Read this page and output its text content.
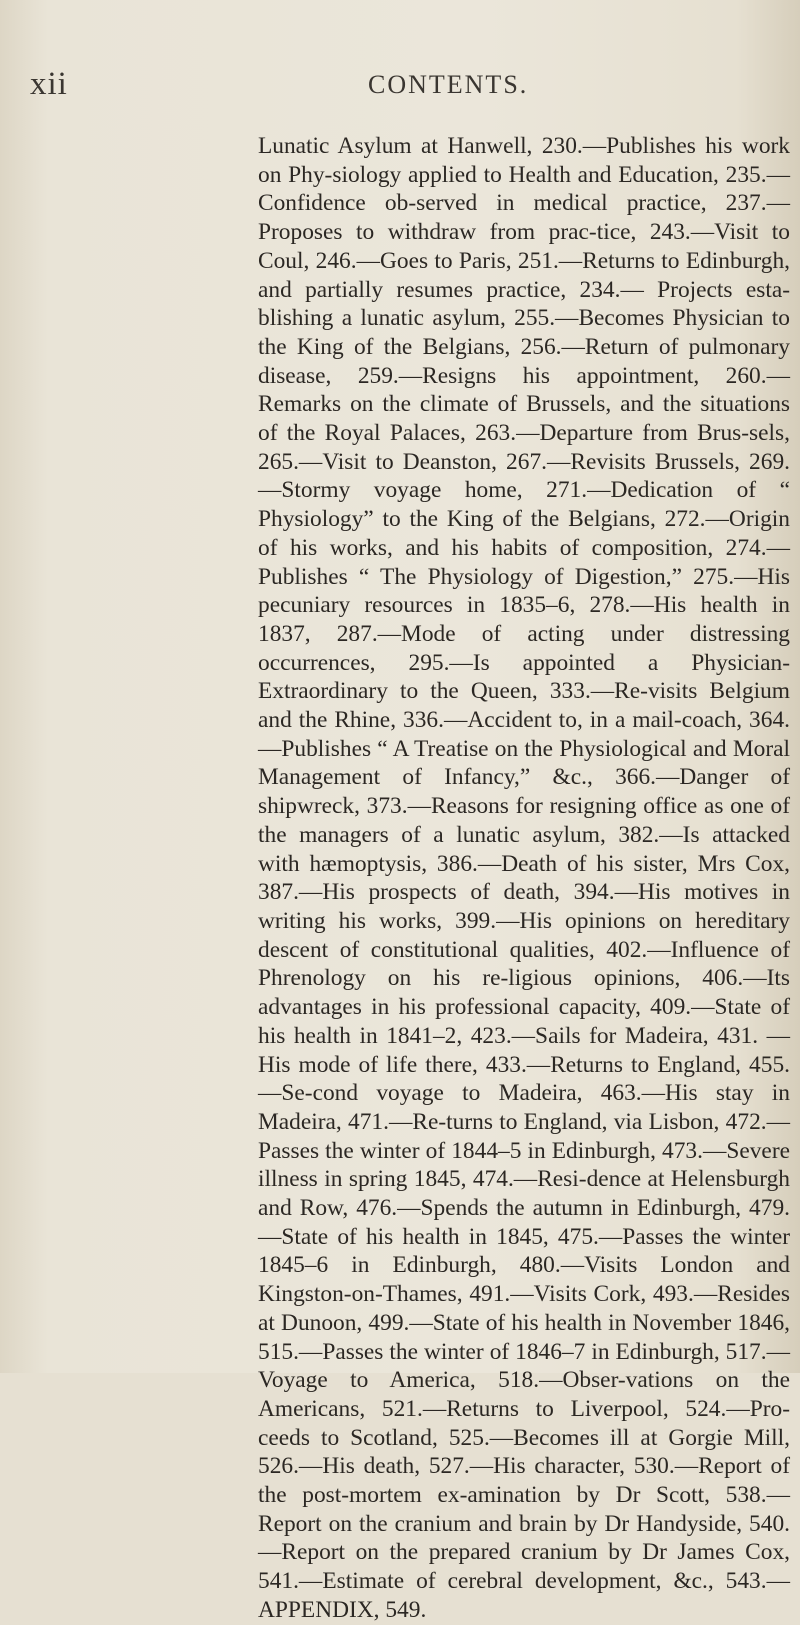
xii	CONTENTS.

Lunatic Asylum at Hanwell, 230.—Publishes his work on Phy-siology applied to Health and Education, 235.—Confidence ob-served in medical practice, 237.—Proposes to withdraw from prac-tice, 243.—Visit to Coul, 246.—Goes to Paris, 251.—Returns to Edinburgh, and partially resumes practice, 234.— Projects esta-blishing a lunatic asylum, 255.—Becomes Physician to the King of the Belgians, 256.—Return of pulmonary disease, 259.—Resigns his appointment, 260.—Remarks on the climate of Brussels, and the situations of the Royal Palaces, 263.—Departure from Brus-sels, 265.—Visit to Deanston, 267.—Revisits Brussels, 269.—Stormy voyage home, 271.—Dedication of “ Physiology” to the King of the Belgians, 272.—Origin of his works, and his habits of composition, 274.—Publishes “ The Physiology of Digestion,” 275.—His pecuniary resources in 1835–6, 278.—His health in 1837, 287.—Mode of acting under distressing occurrences, 295.—Is appointed a Physician-Extraordinary to the Queen, 333.—Re-visits Belgium and the Rhine, 336.—Accident to, in a mail-coach, 364.—Publishes “ A Treatise on the Physiological and Moral Management of Infancy,” &c., 366.—Danger of shipwreck, 373.—Reasons for resigning office as one of the managers of a lunatic asylum, 382.—Is attacked with hæmoptysis, 386.—Death of his sister, Mrs Cox, 387.—His prospects of death, 394.—His motives in writing his works, 399.—His opinions on hereditary descent of constitutional qualities, 402.—Influence of Phrenology on his re-ligious opinions, 406.—Its advantages in his professional capacity, 409.—State of his health in 1841–2, 423.—Sails for Madeira, 431. —His mode of life there, 433.—Returns to England, 455.—Se-cond voyage to Madeira, 463.—His stay in Madeira, 471.—Re-turns to England, via Lisbon, 472.—Passes the winter of 1844–5 in Edinburgh, 473.—Severe illness in spring 1845, 474.—Resi-dence at Helensburgh and Row, 476.—Spends the autumn in Edinburgh, 479.—State of his health in 1845, 475.—Passes the winter 1845–6 in Edinburgh, 480.—Visits London and Kingston-on-Thames, 491.—Visits Cork, 493.—Resides at Dunoon, 499.—State of his health in November 1846, 515.—Passes the winter of 1846–7 in Edinburgh, 517.—Voyage to America, 518.—Obser-vations on the Americans, 521.—Returns to Liverpool, 524.—Pro-ceeds to Scotland, 525.—Becomes ill at Gorgie Mill, 526.—His death, 527.—His character, 530.—Report of the post-mortem ex-amination by Dr Scott, 538.—Report on the cranium and brain by Dr Handyside, 540.—Report on the prepared cranium by Dr James Cox, 541.—Estimate of cerebral development, &c., 543.—APPENDIX, 549.
